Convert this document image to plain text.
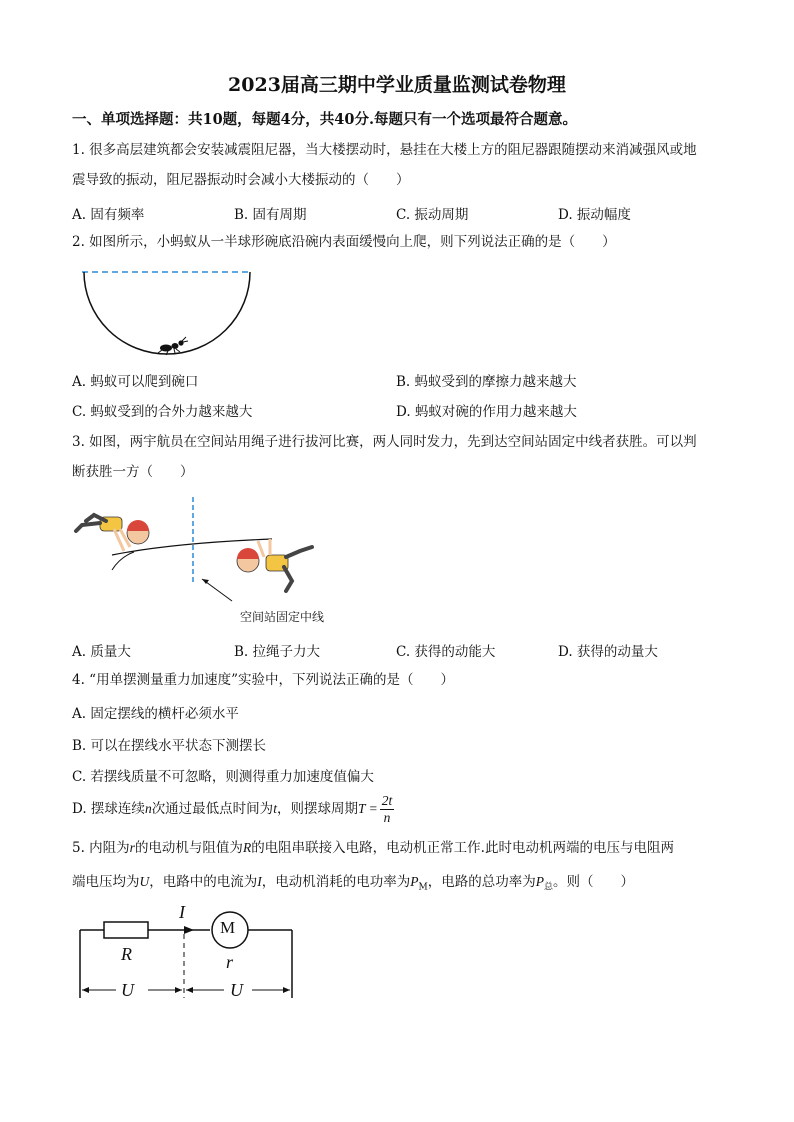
2023届高三期中学业质量监测试卷物理
一、单项选择题：共10题，每题4分，共40分.每题只有一个选项最符合题意。
1. 很多高层建筑都会安装减震阻尼器，当大楼摆动时，悬挂在大楼上方的阻尼器跟随摆动来消减强风或地
震导致的振动，阻尼器振动时会减小大楼振动的（　　）
A. 固有频率	B. 固有周期	C. 振动周期	D. 振动幅度
2. 如图所示，小蚂蚁从一半球形碗底沿碗内表面缓慢向上爬，则下列说法正确的是（　　）
A. 蚂蚁可以爬到碗口	B. 蚂蚁受到的摩擦力越来越大
C. 蚂蚁受到的合外力越来越大	D. 蚂蚁对碗的作用力越来越大
3. 如图，两宇航员在空间站用绳子进行拔河比赛，两人同时发力，先到达空间站固定中线者获胜。可以判
断获胜一方（　　）
空间站固定中线
A. 质量大	B. 拉绳子力大	C. 获得的动能大	D. 获得的动量大
4. “用单摆测量重力加速度”实验中，下列说法正确的是（　　）
A. 固定摆线的横杆必须水平
B. 可以在摆线水平状态下测摆长
C. 若摆线质量不可忽略，则测得重力加速度值偏大
D. 摆球连续n次通过最低点时间为t，则摆球周期$T = \frac{2t}{n}$
5. 内阻为r的电动机与阻值为R的电阻串联接入电路，电动机正常工作.此时电动机两端的电压与电阻两
端电压均为U，电路中的电流为I，电动机消耗的电功率为$P_M$，电路的总功率为$P_总$。则（　　）
I
M
R	r
U	U
